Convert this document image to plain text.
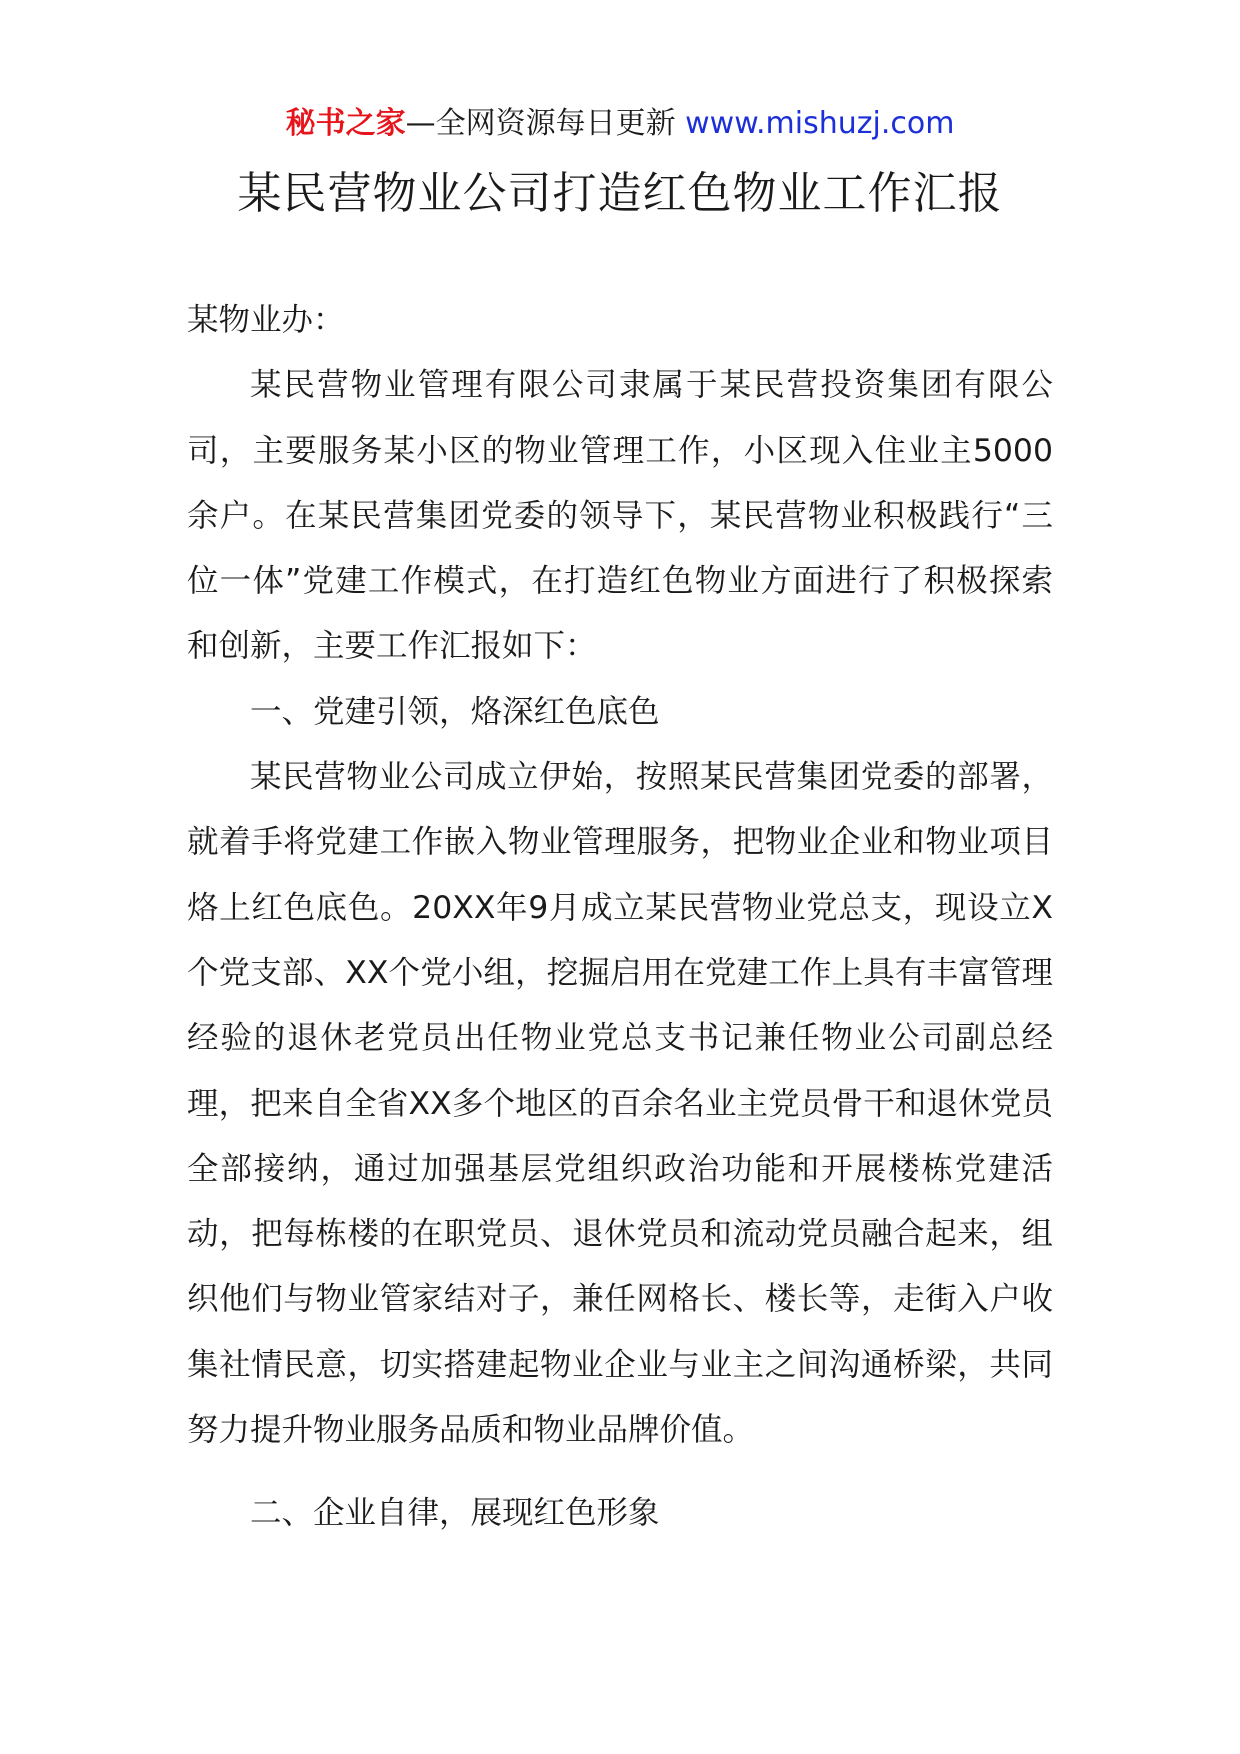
秘书之家—全网资源每日更新 www.mishuzj.com
某民营物业公司打造红色物业工作汇报

某物业办：

某民营物业管理有限公司隶属于某民营投资集团有限公司，主要服务某小区的物业管理工作，小区现入住业主5000余户。在某民营集团党委的领导下，某民营物业积极践行“三位一体”党建工作模式，在打造红色物业方面进行了积极探索和创新，主要工作汇报如下：

一、党建引领，烙深红色底色

某民营物业公司成立伊始，按照某民营集团党委的部署，就着手将党建工作嵌入物业管理服务，把物业企业和物业项目烙上红色底色。20XX年9月成立某民营物业党总支，现设立X个党支部、XX个党小组，挖掘启用在党建工作上具有丰富管理经验的退休老党员出任物业党总支书记兼任物业公司副总经理，把来自全省XX多个地区的百余名业主党员骨干和退休党员全部接纳，通过加强基层党组织政治功能和开展楼栋党建活动，把每栋楼的在职党员、退休党员和流动党员融合起来，组织他们与物业管家结对子，兼任网格长、楼长等，走街入户收集社情民意，切实搭建起物业企业与业主之间沟通桥梁，共同努力提升物业服务品质和物业品牌价值。

二、企业自律，展现红色形象
